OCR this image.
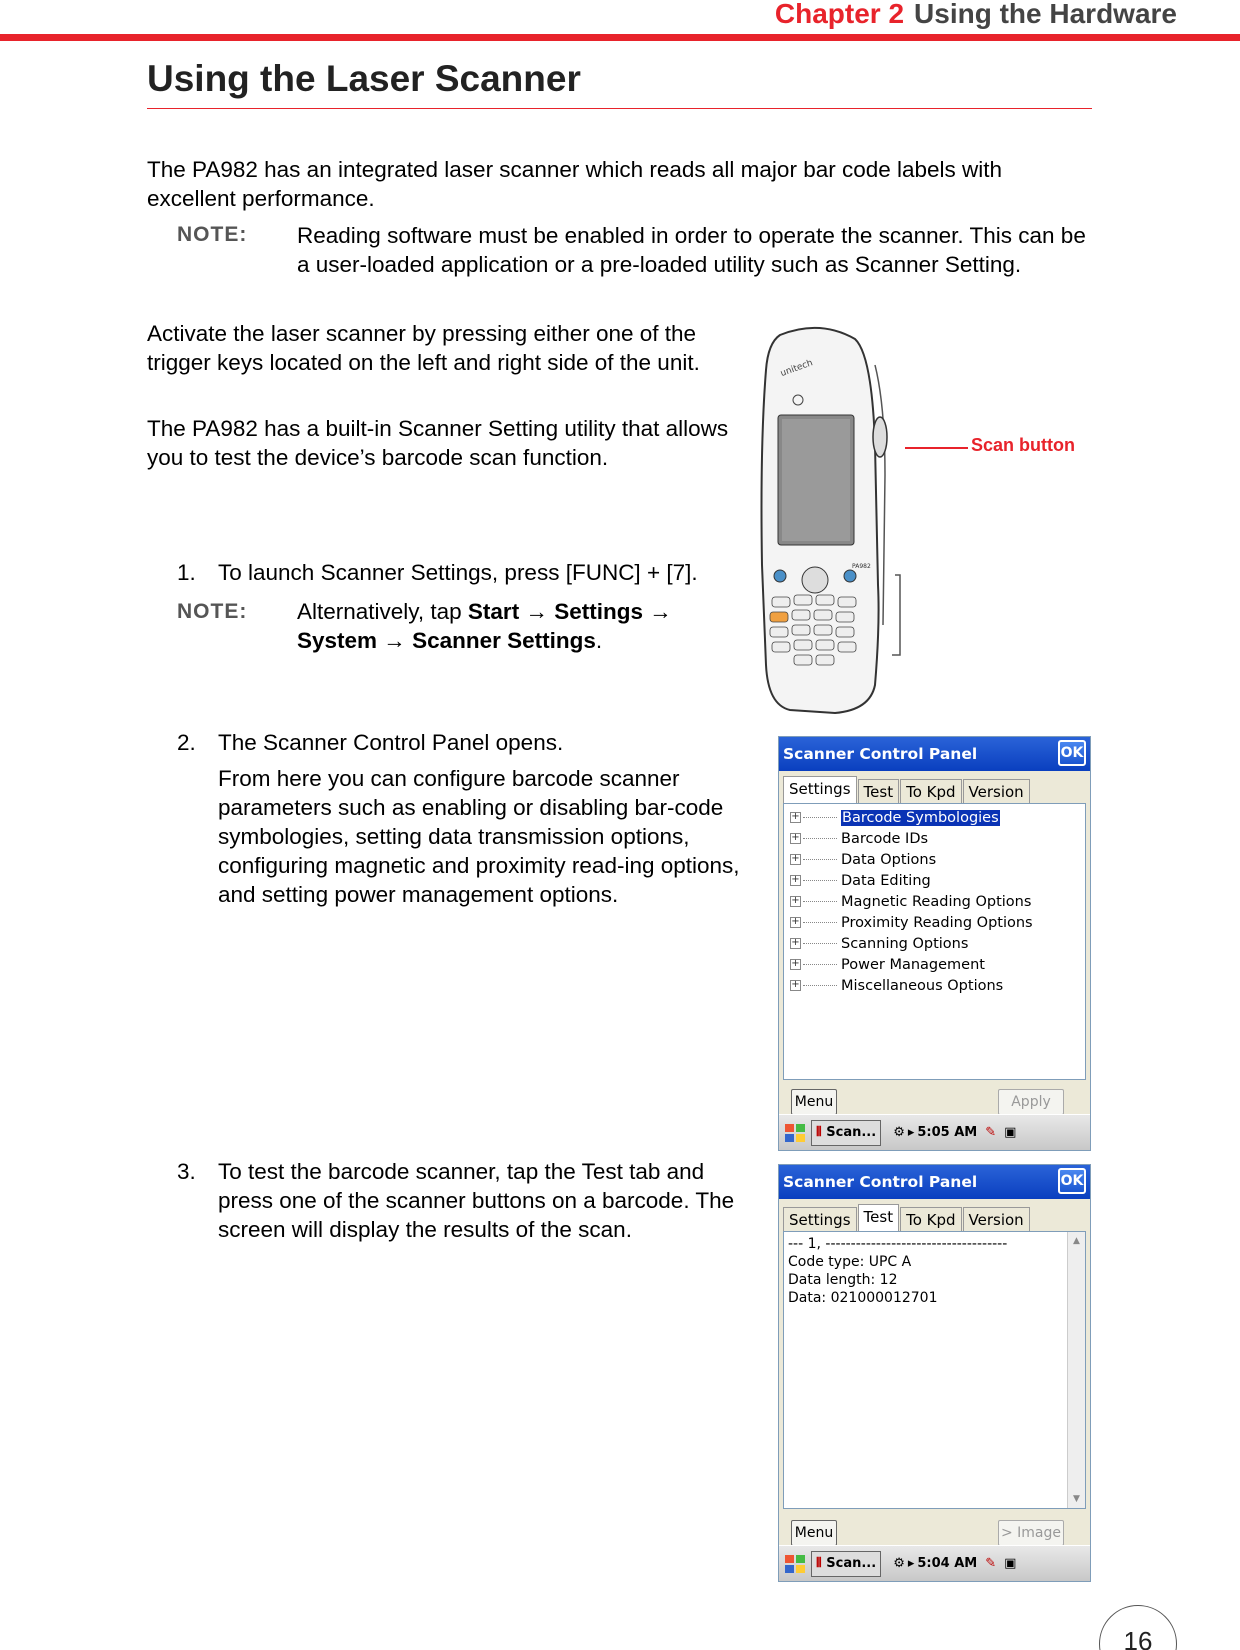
Chapter 2 Using the Hardware
Using the Laser Scanner

The PA982 has an integrated laser scanner which reads all major bar code labels with excellent performance.

NOTE: Reading software must be enabled in order to operate the scanner. This can be a user-loaded application or a pre-loaded utility such as Scanner Setting.

Activate the laser scanner by pressing either one of the trigger keys located on the left and right side of the unit.

The PA982 has a built-in Scanner Setting utility that allows you to test the device’s barcode scan function.

unitech
PA982
Scan button
1. To launch Scanner Settings, press [FUNC] + [7].

NOTE: Alternatively, tap Start → Settings → System → Scanner Settings.

2. The Scanner Control Panel opens.

From here you can configure barcode scanner parameters such as enabling or disabling bar-code symbologies, setting data transmission options, configuring magnetic and proximity read-ing options, and setting power management options.

Scanner Control Panel	OK
Settings Test To Kpd Version
+	Barcode Symbologies
+	Barcode IDs
+	Data Options
+	Data Editing
+	Magnetic Reading Options
+	Proximity Reading Options
+	Scanning Options
+	Power Management
+	Miscellaneous Options
Menu	Apply
⦀ Scan...	⚙ ▸ 5:05 AM ✎ ▣
3. To test the barcode scanner, tap the Test tab and press one of the scanner buttons on a barcode. The screen will display the results of the scan.

Scanner Control Panel	OK
Settings Test To Kpd Version
--- 1, ------------------------------------
Code type: UPC A
Data length: 12
Data: 021000012701
▲
▼
Menu	> Image
⦀ Scan...	⚙ ▸ 5:04 AM ✎ ▣
16
